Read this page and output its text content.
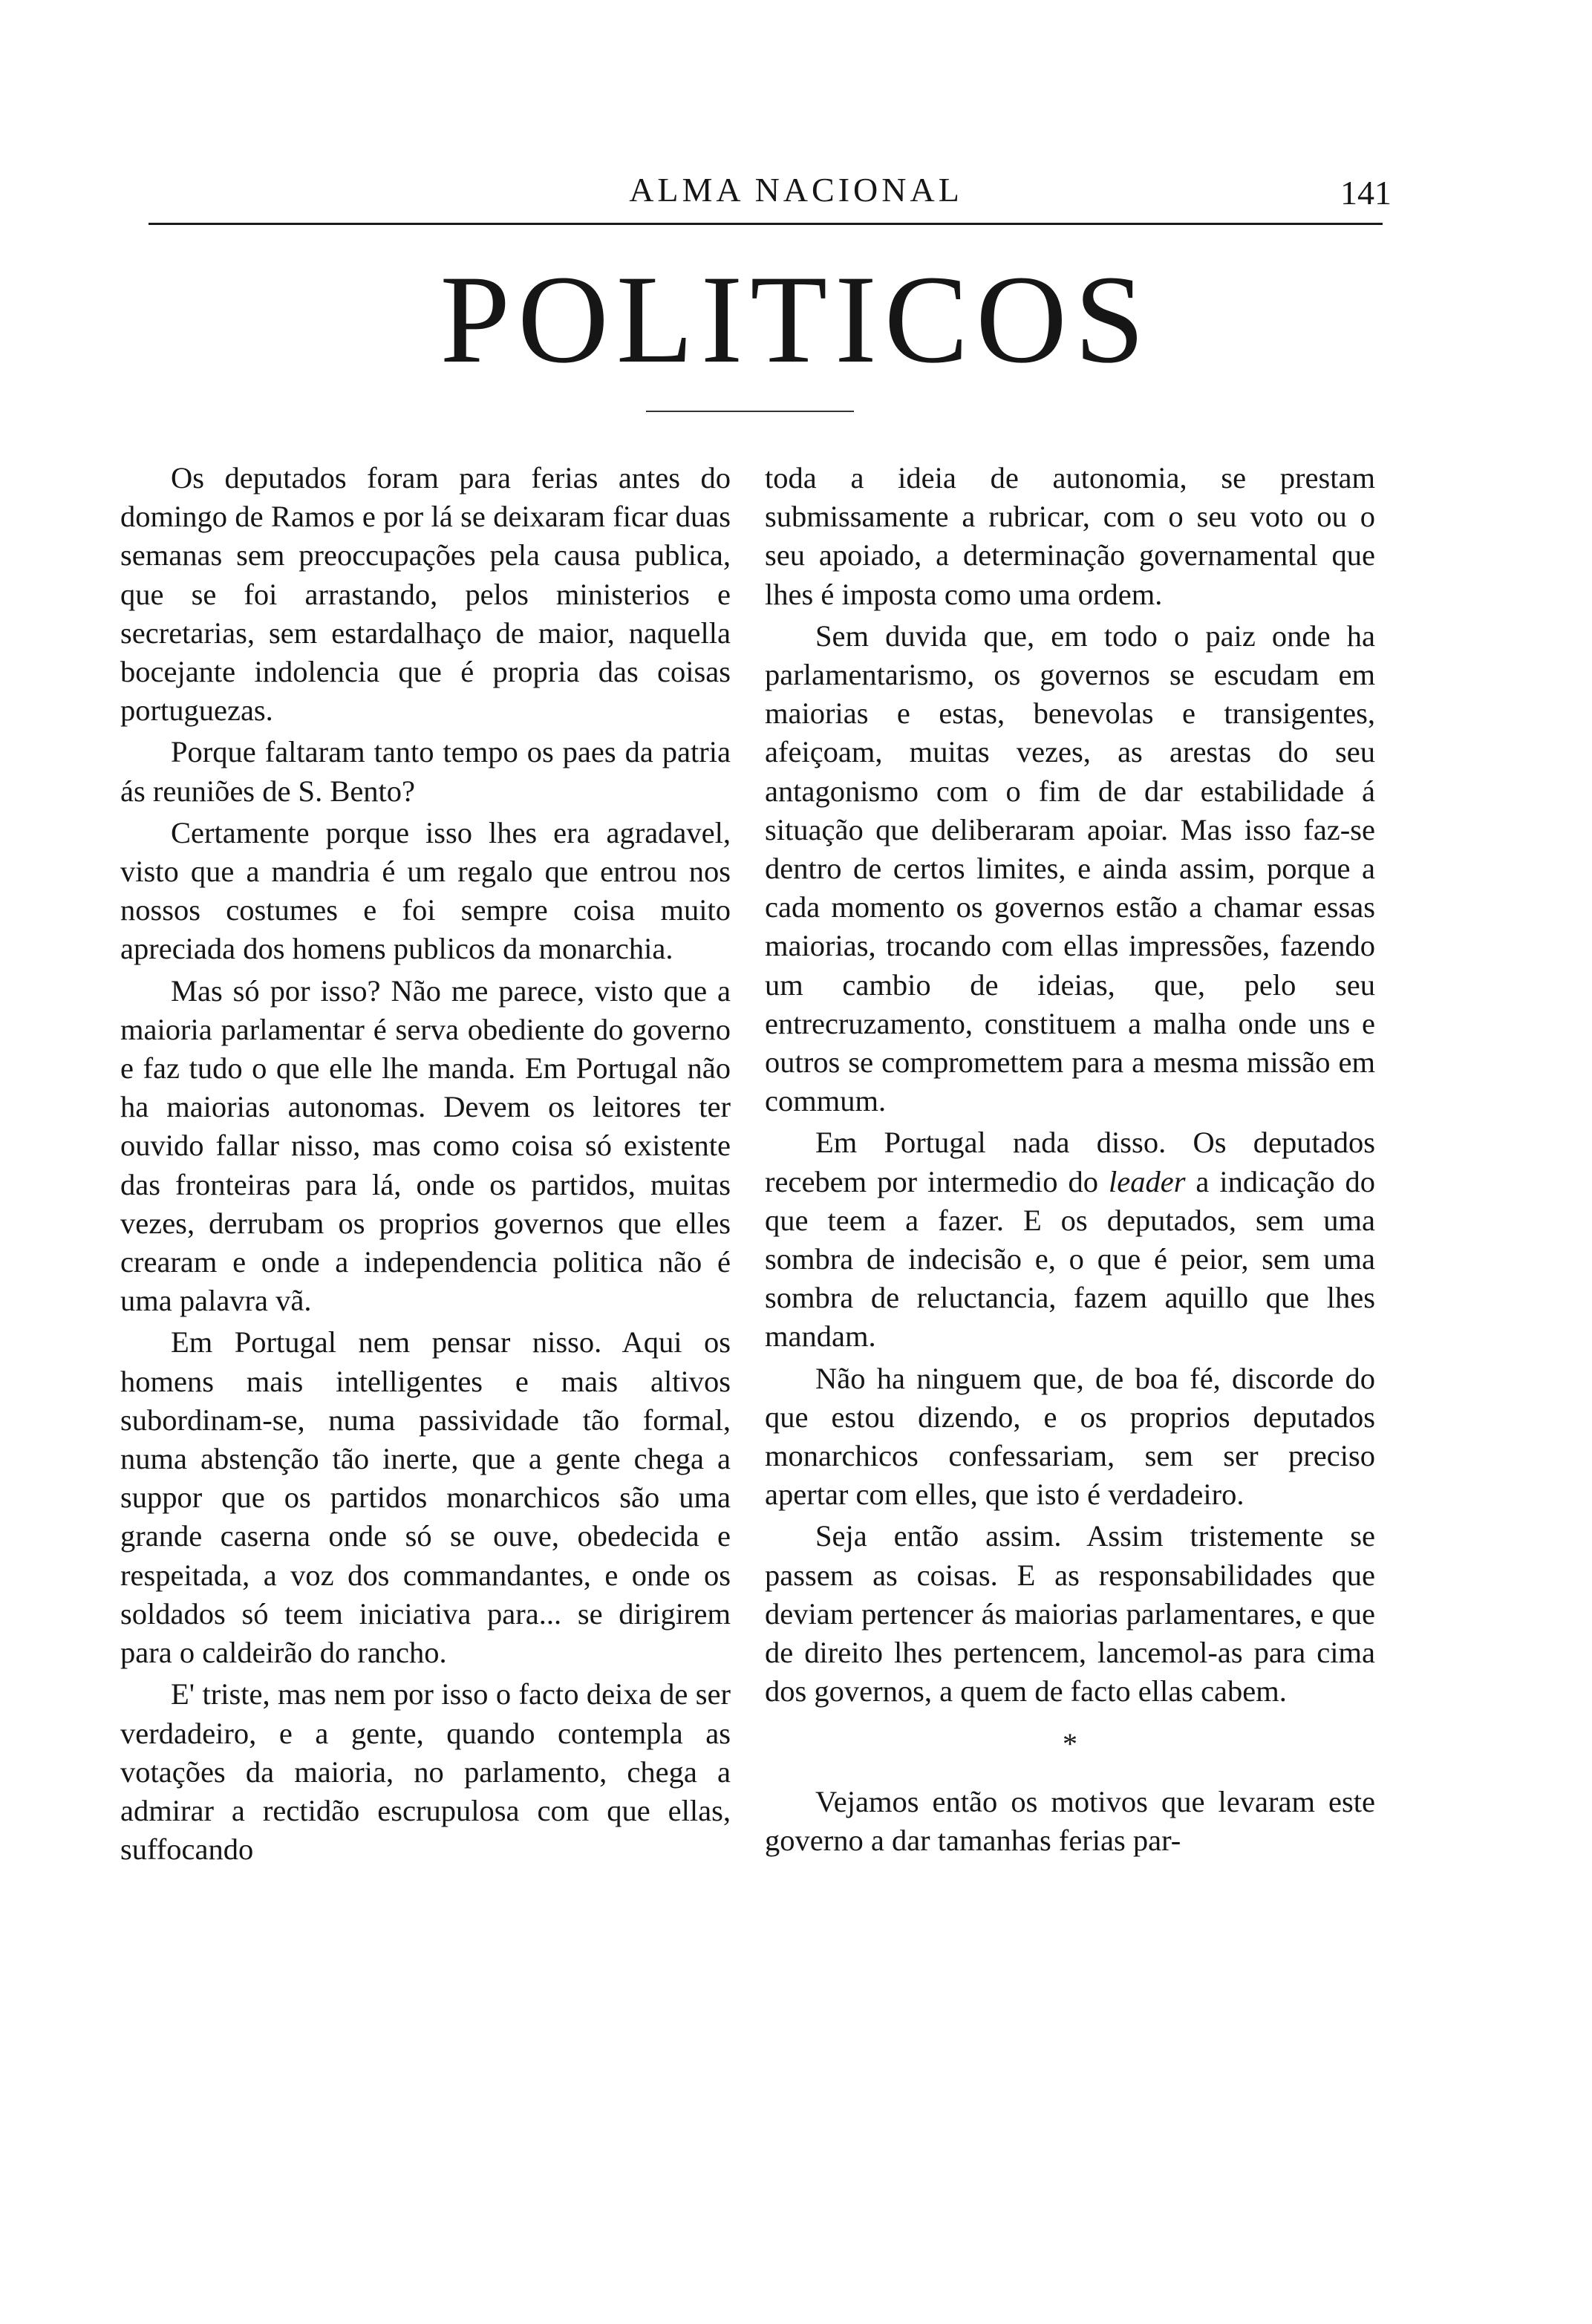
ALMA NACIONAL	141
POLITICOS

Os deputados foram para ferias antes do domingo de Ramos e por lá se deixaram ficar duas semanas sem preoccupações pela causa publica, que se foi arrastando, pelos ministerios e secretarias, sem estardalhaço de maior, naquella bocejante indolencia que é propria das coisas portuguezas.

Porque faltaram tanto tempo os paes da patria ás reuniões de S. Bento?

Certamente porque isso lhes era agradavel, visto que a mandria é um regalo que entrou nos nossos costumes e foi sempre coisa muito apreciada dos homens publicos da monarchia.

Mas só por isso? Não me parece, visto que a maioria parlamentar é serva obediente do governo e faz tudo o que elle lhe manda. Em Portugal não ha maiorias autonomas. Devem os leitores ter ouvido fallar nisso, mas como coisa só existente das fronteiras para lá, onde os partidos, muitas vezes, derrubam os proprios governos que elles crearam e onde a independencia politica não é uma palavra vã.

Em Portugal nem pensar nisso. Aqui os homens mais intelligentes e mais altivos subordinam-se, numa passividade tão formal, numa abstenção tão inerte, que a gente chega a suppor que os partidos monarchicos são uma grande caserna onde só se ouve, obedecida e respeitada, a voz dos commandantes, e onde os soldados só teem iniciativa para... se dirigirem para o caldeirão do rancho.

E' triste, mas nem por isso o facto deixa de ser verdadeiro, e a gente, quando contempla as votações da maioria, no parlamento, chega a admirar a rectidão escrupulosa com que ellas, suffocando

toda a ideia de autonomia, se prestam submissamente a rubricar, com o seu voto ou o seu apoiado, a determinação governamental que lhes é imposta como uma ordem.

Sem duvida que, em todo o paiz onde ha parlamentarismo, os governos se escudam em maiorias e estas, benevolas e transigentes, afeiçoam, muitas vezes, as arestas do seu antagonismo com o fim de dar estabilidade á situação que deliberaram apoiar. Mas isso faz-se dentro de certos limites, e ainda assim, porque a cada momento os governos estão a chamar essas maiorias, trocando com ellas impressões, fazendo um cambio de ideias, que, pelo seu entrecruzamento, constituem a malha onde uns e outros se compromettem para a mesma missão em commum.

Em Portugal nada disso. Os deputados recebem por intermedio do leader a indicação do que teem a fazer. E os deputados, sem uma sombra de indecisão e, o que é peior, sem uma sombra de reluctancia, fazem aquillo que lhes mandam.

Não ha ninguem que, de boa fé, discorde do que estou dizendo, e os proprios deputados monarchicos confessariam, sem ser preciso apertar com elles, que isto é verdadeiro.

Seja então assim. Assim tristemente se passem as coisas. E as responsabilidades que deviam pertencer ás maiorias parlamentares, e que de direito lhes pertencem, lancemol-as para cima dos governos, a quem de facto ellas cabem.

*

Vejamos então os motivos que levaram este governo a dar tamanhas ferias par-
